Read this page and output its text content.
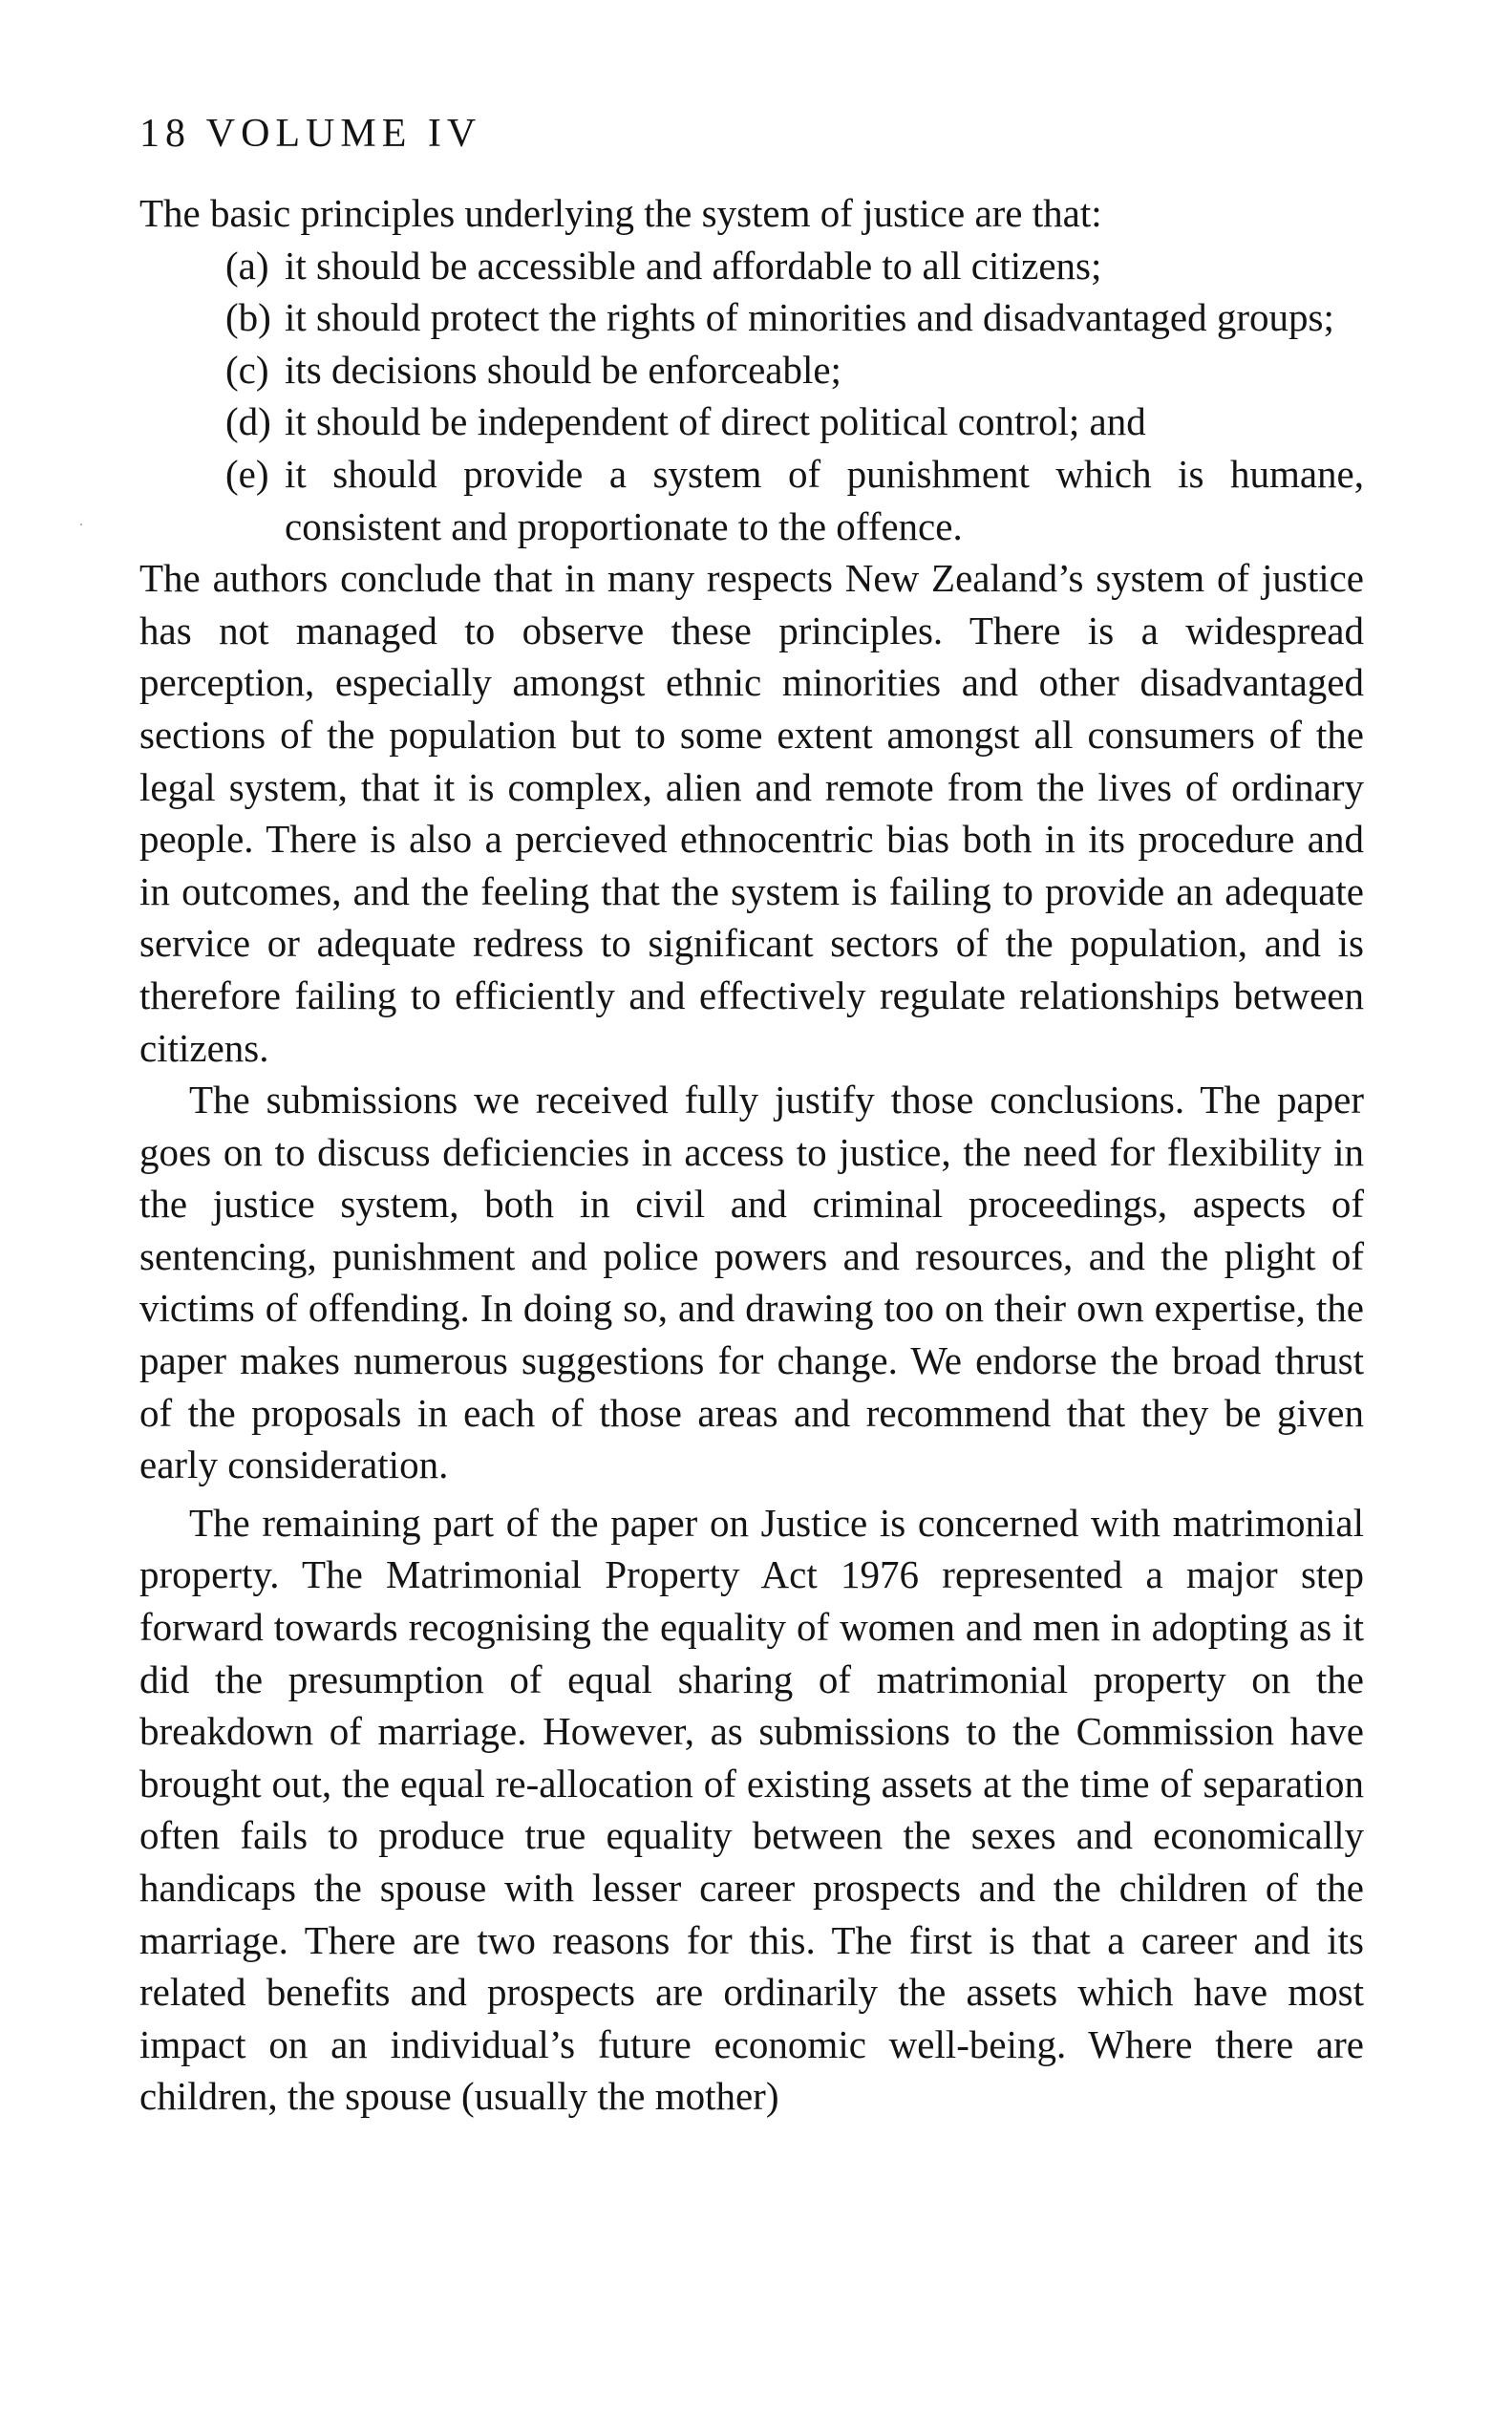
18 VOLUME IV

The basic principles underlying the system of justice are that:

(a) it should be accessible and affordable to all citizens;
(b) it should protect the rights of minorities and disadvantaged groups;
(c) its decisions should be enforceable;
(d) it should be independent of direct political control; and
(e) it should provide a system of punishment which is humane, consistent and proportionate to the offence.

The authors conclude that in many respects New Zealand’s system of justice has not managed to observe these principles. There is a widespread perception, especially amongst ethnic minorities and other disadvantaged sections of the population but to some extent amongst all consumers of the legal system, that it is complex, alien and remote from the lives of ordinary people. There is also a percieved ethnocentric bias both in its procedure and in outcomes, and the feeling that the system is failing to provide an adequate service or adequate redress to significant sectors of the population, and is therefore failing to efficiently and effectively regulate relationships between citizens.

The submissions we received fully justify those conclusions. The paper goes on to discuss deficiencies in access to justice, the need for flexibility in the justice system, both in civil and criminal proceedings, aspects of sentencing, punishment and police powers and resources, and the plight of victims of offending. In doing so, and drawing too on their own expertise, the paper makes numerous suggestions for change. We endorse the broad thrust of the proposals in each of those areas and recommend that they be given early consideration.

The remaining part of the paper on Justice is concerned with matrimonial property. The Matrimonial Property Act 1976 represented a major step forward towards recognising the equality of women and men in adopting as it did the presumption of equal sharing of matrimonial property on the breakdown of marriage. However, as submissions to the Commission have brought out, the equal re-allocation of existing assets at the time of separation often fails to produce true equality between the sexes and economically handicaps the spouse with lesser career prospects and the children of the marriage. There are two reasons for this. The first is that a career and its related benefits and prospects are ordinarily the assets which have most impact on an individual’s future economic well-being. Where there are children, the spouse (usually the mother)
